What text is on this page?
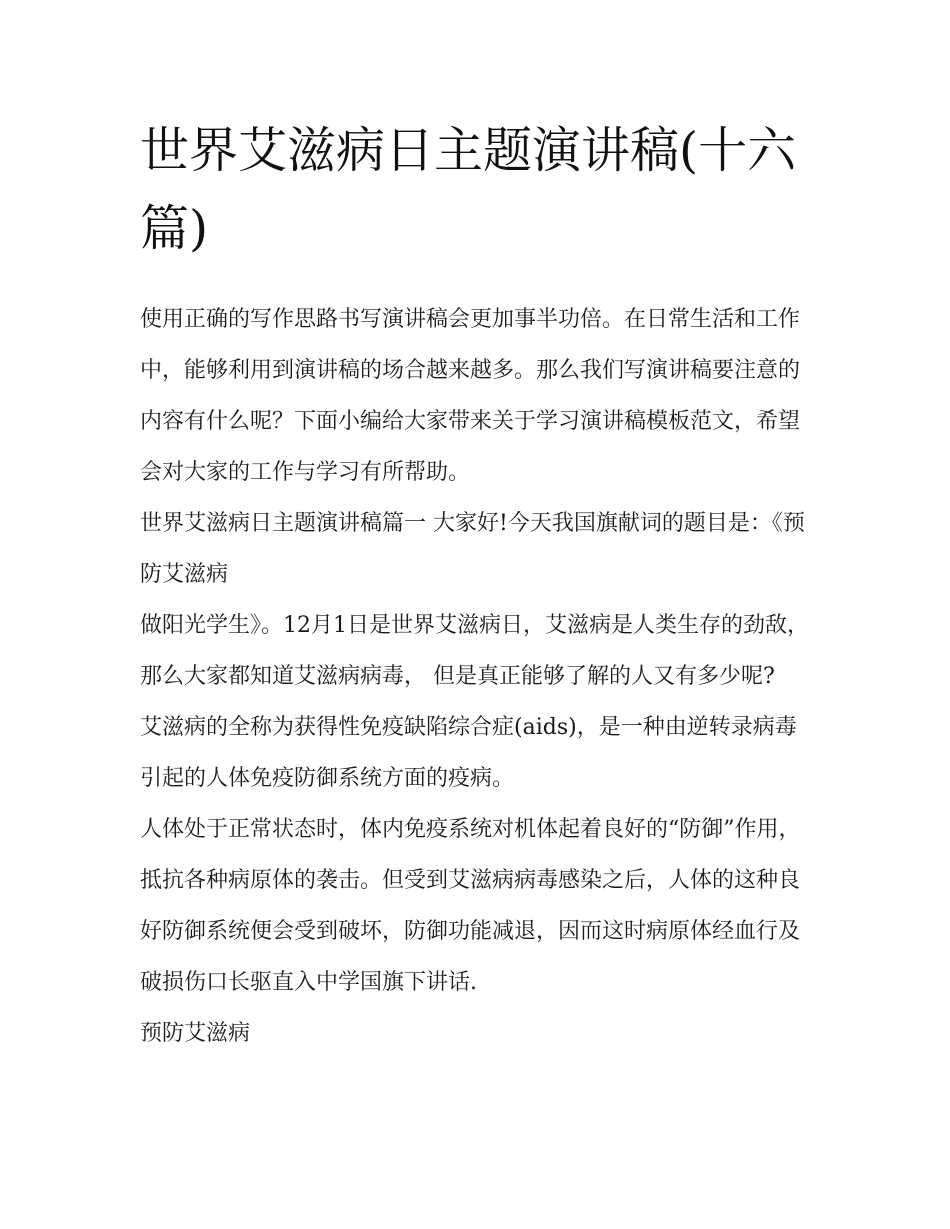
世界艾滋病日主题演讲稿(十六篇)

使用正确的写作思路书写演讲稿会更加事半功倍。在日常生活和工作中，能够利用到演讲稿的场合越来越多。那么我们写演讲稿要注意的内容有什么呢？下面小编给大家带来关于学习演讲稿模板范文，希望会对大家的工作与学习有所帮助。

世界艾滋病日主题演讲稿篇一 大家好!今天我国旗献词的题目是：《预防艾滋病

做阳光学生》。12月1日是世界艾滋病日，艾滋病是人类生存的劲敌，那么大家都知道艾滋病病毒， 但是真正能够了解的人又有多少呢?

艾滋病的全称为获得性免疫缺陷综合症(aids)，是一种由逆转录病毒引起的人体免疫防御系统方面的疫病。

人体处于正常状态时，体内免疫系统对机体起着良好的“防御”作用，抵抗各种病原体的袭击。但受到艾滋病病毒感染之后，人体的这种良好防御系统便会受到破坏，防御功能减退，因而这时病原体经血行及破损伤口长驱直入中学国旗下讲话.

预防艾滋病
